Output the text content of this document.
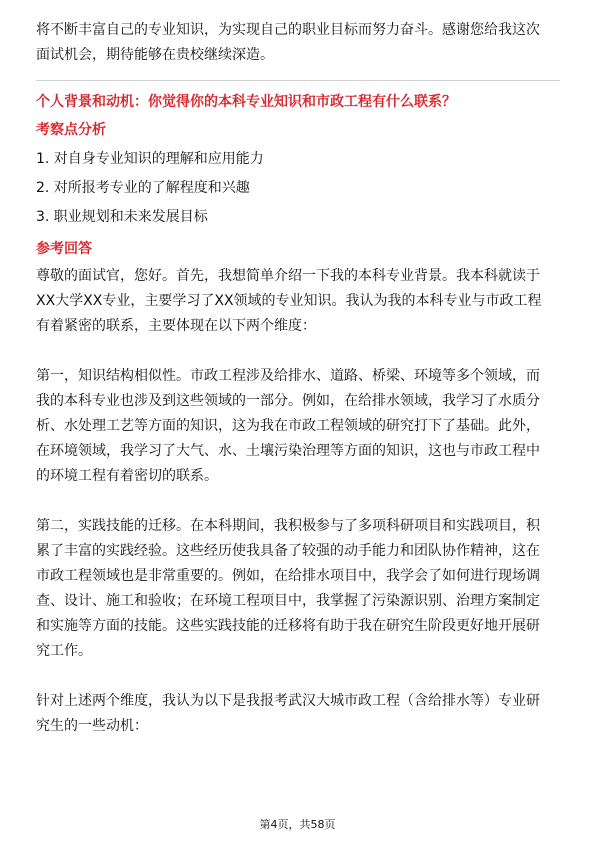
将不断丰富自己的专业知识，为实现自己的职业目标而努力奋斗。感谢您给我这次

面试机会，期待能够在贵校继续深造。

个人背景和动机：你觉得你的本科专业知识和市政工程有什么联系？

考察点分析

1. 对自身专业知识的理解和应用能力

2. 对所报考专业的了解程度和兴趣

3. 职业规划和未来发展目标

参考回答

尊敬的面试官，您好。首先，我想简单介绍一下我的本科专业背景。我本科就读于

XX大学XX专业，主要学习了XX领域的专业知识。我认为我的本科专业与市政工程

有着紧密的联系，主要体现在以下两个维度：

第一，知识结构相似性。市政工程涉及给排水、道路、桥梁、环境等多个领域，而

我的本科专业也涉及到这些领域的一部分。例如，在给排水领域，我学习了水质分

析、水处理工艺等方面的知识，这为我在市政工程领域的研究打下了基础。此外，

在环境领域，我学习了大气、水、土壤污染治理等方面的知识，这也与市政工程中

的环境工程有着密切的联系。

第二，实践技能的迁移。在本科期间，我积极参与了多项科研项目和实践项目，积

累了丰富的实践经验。这些经历使我具备了较强的动手能力和团队协作精神，这在

市政工程领域也是非常重要的。例如，在给排水项目中，我学会了如何进行现场调

查、设计、施工和验收；在环境工程项目中，我掌握了污染源识别、治理方案制定

和实施等方面的技能。这些实践技能的迁移将有助于我在研究生阶段更好地开展研

究工作。

针对上述两个维度，我认为以下是我报考武汉大城市政工程（含给排水等）专业研

究生的一些动机：

第4页，共58页
